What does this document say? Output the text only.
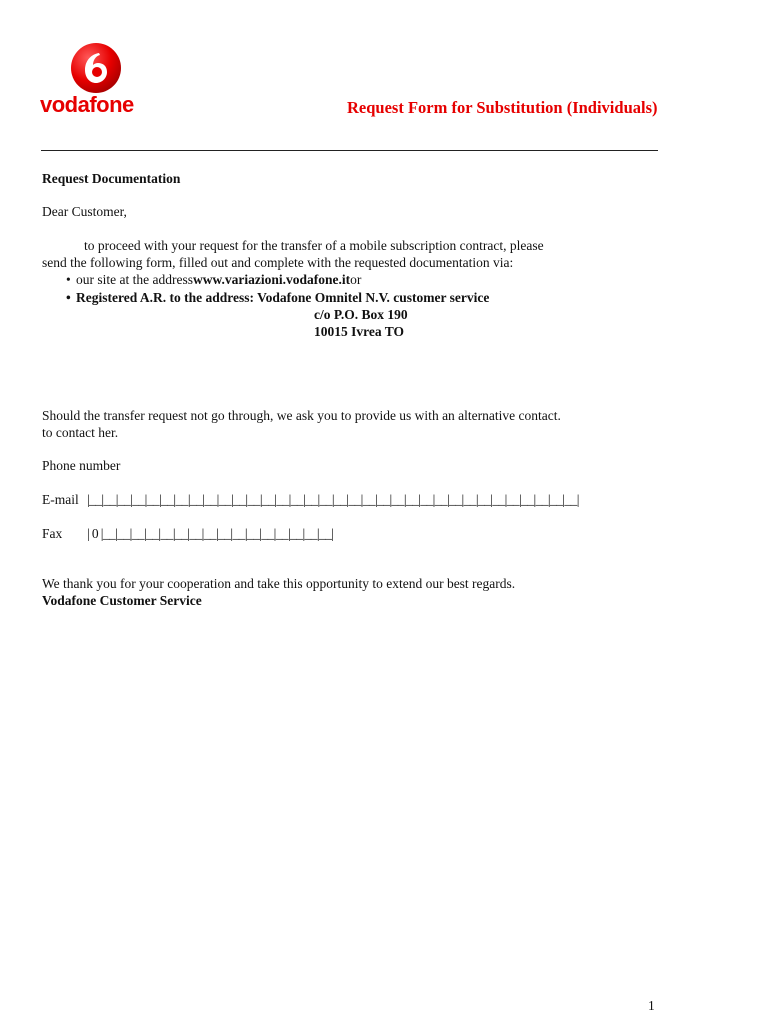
vodafone	Request Form for Substitution (Individuals)
Request Documentation
Dear Customer,
to proceed with your request for the transfer of a mobile subscription contract, please
send the following form, filled out and complete with the requested documentation via:
• our site at the addresswww.variazioni.vodafone.itor
• Registered A.R. to the address: Vodafone Omnitel N.V. customer service
c/o P.O. Box 190
10015 Ivrea TO
Should the transfer request not go through, we ask you to provide us with an alternative contact.
to contact her.
Phone number
E-mail |__|__|__|__|__|__|__|__|__|__|__|__|__|__|__|__|__|__|__|__|__|__|__|__|__|__|__|__|__|__|__|__|__|__|
Fax | 0 |__|__|__|__|__|__|__|__|__|__|__|__|__|__|__|__|
We thank you for your cooperation and take this opportunity to extend our best regards.
Vodafone Customer Service
1
